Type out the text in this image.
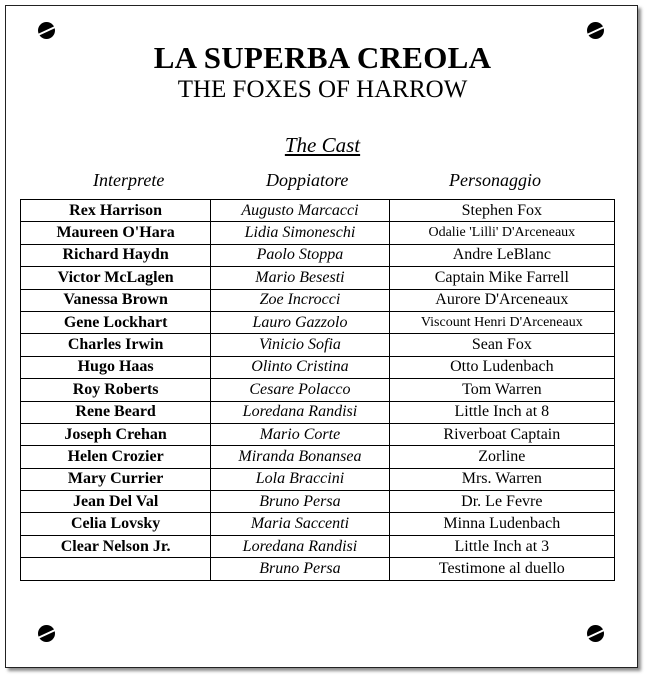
LA SUPERBA CREOLA
THE FOXES OF HARROW
The Cast
Interprete	Doppiatore	Personaggio
Rex Harrison	Augusto Marcacci	Stephen Fox
Maureen O'Hara	Lidia Simoneschi	Odalie 'Lilli' D'Arceneaux
Richard Haydn	Paolo Stoppa	Andre LeBlanc
Victor McLaglen	Mario Besesti	Captain Mike Farrell
Vanessa Brown	Zoe Incrocci	Aurore D'Arceneaux
Gene Lockhart	Lauro Gazzolo	Viscount Henri D'Arceneaux
Charles Irwin	Vinicio Sofia	Sean Fox
Hugo Haas	Olinto Cristina	Otto Ludenbach
Roy Roberts	Cesare Polacco	Tom Warren
Rene Beard	Loredana Randisi	Little Inch at 8
Joseph Crehan	Mario Corte	Riverboat Captain
Helen Crozier	Miranda Bonansea	Zorline
Mary Currier	Lola Braccini	Mrs. Warren
Jean Del Val	Bruno Persa	Dr. Le Fevre
Celia Lovsky	Maria Saccenti	Minna Ludenbach
Clear Nelson Jr.	Loredana Randisi	Little Inch at 3
	Bruno Persa	Testimone al duello
